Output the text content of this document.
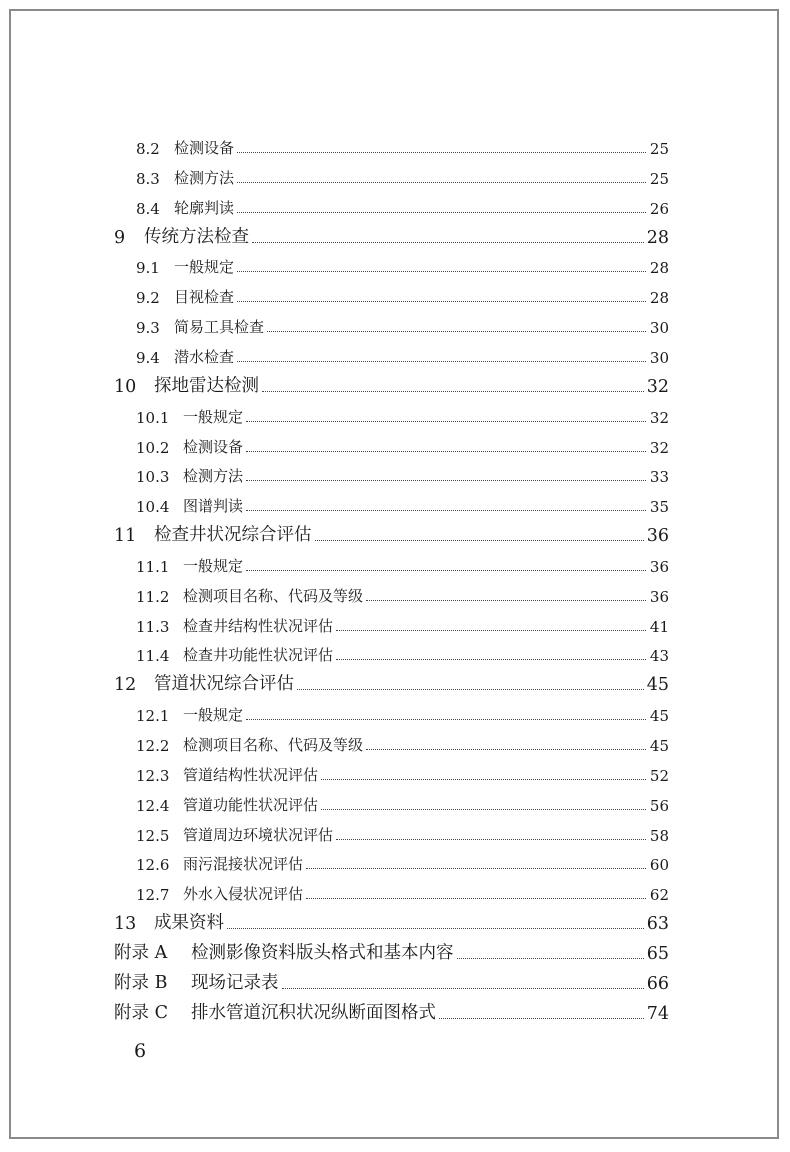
8.2 检测设备	25
8.3 检测方法	25
8.4 轮廓判读	26
9	传统方法检查	28
9.1 一般规定	28
9.2 目视检查	28
9.3 简易工具检查	30
9.4 潜水检查	30
10	探地雷达检测	32
10.1 一般规定	32
10.2 检测设备	32
10.3 检测方法	33
10.4 图谱判读	35
11	检查井状况综合评估	36
11.1 一般规定	36
11.2 检测项目名称、代码及等级	36
11.3 检查井结构性状况评估	41
11.4 检查井功能性状况评估	43
12	管道状况综合评估	45
12.1 一般规定	45
12.2 检测项目名称、代码及等级	45
12.3 管道结构性状况评估	52
12.4 管道功能性状况评估	56
12.5 管道周边环境状况评估	58
12.6 雨污混接状况评估	60
12.7 外水入侵状况评估	62
13	成果资料	63
附录 A	检测影像资料版头格式和基本内容	65
附录 B	现场记录表	66
附录 C	排水管道沉积状况纵断面图格式	74
6
